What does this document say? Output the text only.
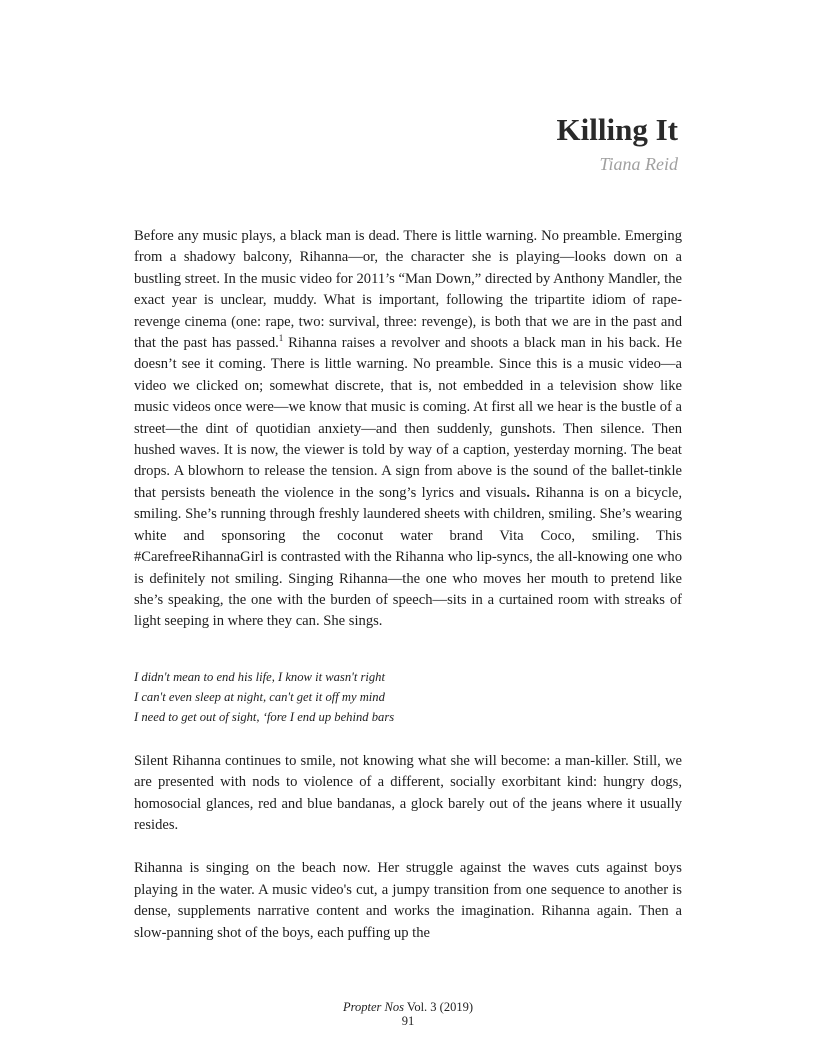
Killing It
Tiana Reid

Before any music plays, a black man is dead. There is little warning. No preamble. Emerging from a shadowy balcony, Rihanna—or, the character she is playing—looks down on a bustling street. In the music video for 2011’s “Man Down,” directed by Anthony Mandler, the exact year is unclear, muddy. What is important, following the tripartite idiom of rape-revenge cinema (one: rape, two: survival, three: revenge), is both that we are in the past and that the past has passed.$^1$ Rihanna raises a revolver and shoots a black man in his back. He doesn’t see it coming. There is little warning. No preamble. Since this is a music video—a video we clicked on; somewhat discrete, that is, not embedded in a television show like music videos once were—we know that music is coming. At first all we hear is the bustle of a street—the dint of quotidian anxiety—and then suddenly, gunshots. Then silence. Then hushed waves. It is now, the viewer is told by way of a caption, yesterday morning. The beat drops. A blowhorn to release the tension. A sign from above is the sound of the ballet-tinkle that persists beneath the violence in the song’s lyrics and visuals. Rihanna is on a bicycle, smiling. She’s running through freshly laundered sheets with children, smiling. She’s wearing white and sponsoring the coconut water brand Vita Coco, smiling. This #CarefreeRihannaGirl is contrasted with the Rihanna who lip-syncs, the all-knowing one who is definitely not smiling. Singing Rihanna—the one who moves her mouth to pretend like she’s speaking, the one with the burden of speech—sits in a curtained room with streaks of light seeping in where they can. She sings.

I didn't mean to end his life, I know it wasn't right
I can't even sleep at night, can't get it off my mind
I need to get out of sight, ‘fore I end up behind bars

Silent Rihanna continues to smile, not knowing what she will become: a man-killer. Still, we are presented with nods to violence of a different, socially exorbitant kind: hungry dogs, homosocial glances, red and blue bandanas, a glock barely out of the jeans where it usually resides.

Rihanna is singing on the beach now. Her struggle against the waves cuts against boys playing in the water. A music video's cut, a jumpy transition from one sequence to another is dense, supplements narrative content and works the imagination. Rihanna again. Then a slow-panning shot of the boys, each puffing up the

Propter Nos Vol. 3 (2019)
91
